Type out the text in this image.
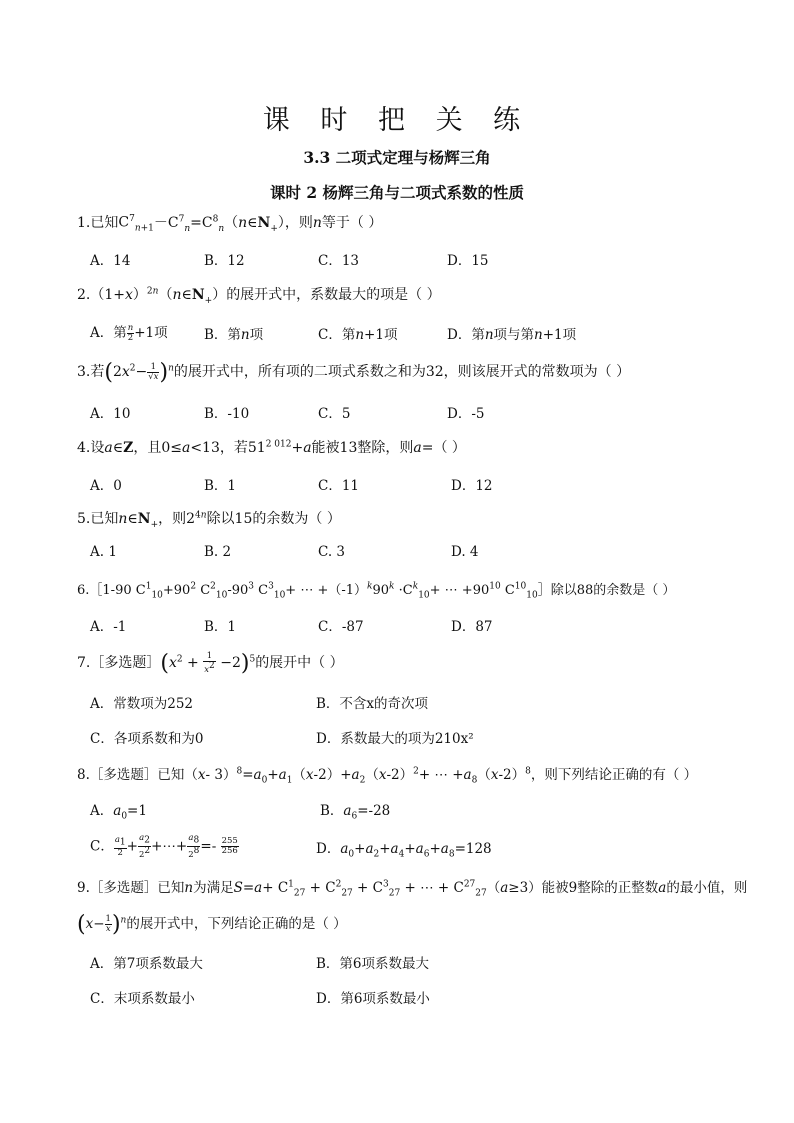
课 时 把 关 练
3.3 二项式定理与杨辉三角
课时 2 杨辉三角与二项式系数的性质
1.已知$C^7_{n+1}-C^7_n=C^8_n(n\in N_+)$，则n等于（ ）
A．14	B．12	C．13	D．15
$2.(1+x)^{2n}(n\in N_+)$的展开式中，系数最大的项是（ ）
A．第 $\frac{n}{2} +1$项	B．第n项	C．第n+1项	D．第n项与第n+1项
3.若$(2x^2- \frac{1}{√x} )^n$的展开式中，所有项的二项式系数之和为32，则该展开式的常数项为（ ）
A．10	B．-10	C．5	D．-5
4.设a∈Z，且0≤a<13，若$51^{2 012}+a$能被13整除，则a=（ ）
A．0	B．1	C．11	D．12
5.已知$n\in N_+$，则$2^{4n}$除以15的余数为（ ）
A. 1	B. 2	C. 3	D. 4
6.［1-90 $C^1_{10}+90^2$ $C^2_{10}-90^3$ $C^3_{10}+$ ⋯ $+(-1)^k90^k \cdot C^k_{10}+$ ⋯ $+90^{10}$ $C^{10}_{10}]$除以88的余数是（ ）
A．-1	B．1	C．-87	D．87
7.［多选题$](x^2 + \frac{1}{x^2} -2)^5$的展开中（ ）
A．常数项为252	B．不含x的奇次项
C．各项系数和为0	D．系数最大的项为210x²
8.［多选题］已知（x- $3)^8=a_0+a_1(x-2)+a_2(x-2)^2+$ ⋯ $+a_8(x-2)^8$，则下列结论正确的有（ ）
A．$a_0=1$	B．$a_6=-28$
C． $\frac{a_1}{2} + \frac{a_2}{2^2}$ +⋯+ $\frac{a_8}{2^8} =- \frac{255}{256}$	D．$a_0+a_2+a_4+a_6+a_8=128$
9.［多选题］已知n为满足$S=a+ C^1_{27} + C^2_{27} + C^3_{27}$ + ⋯ + $C^{27}_{27}(a\ge 3)$能被9整除的正整数a的最小值，则
$(x- \frac{1}{x} )^n$的展开式中，下列结论正确的是（ ）
A．第7项系数最大	B．第6项系数最大
C．末项系数最小	D．第6项系数最小
